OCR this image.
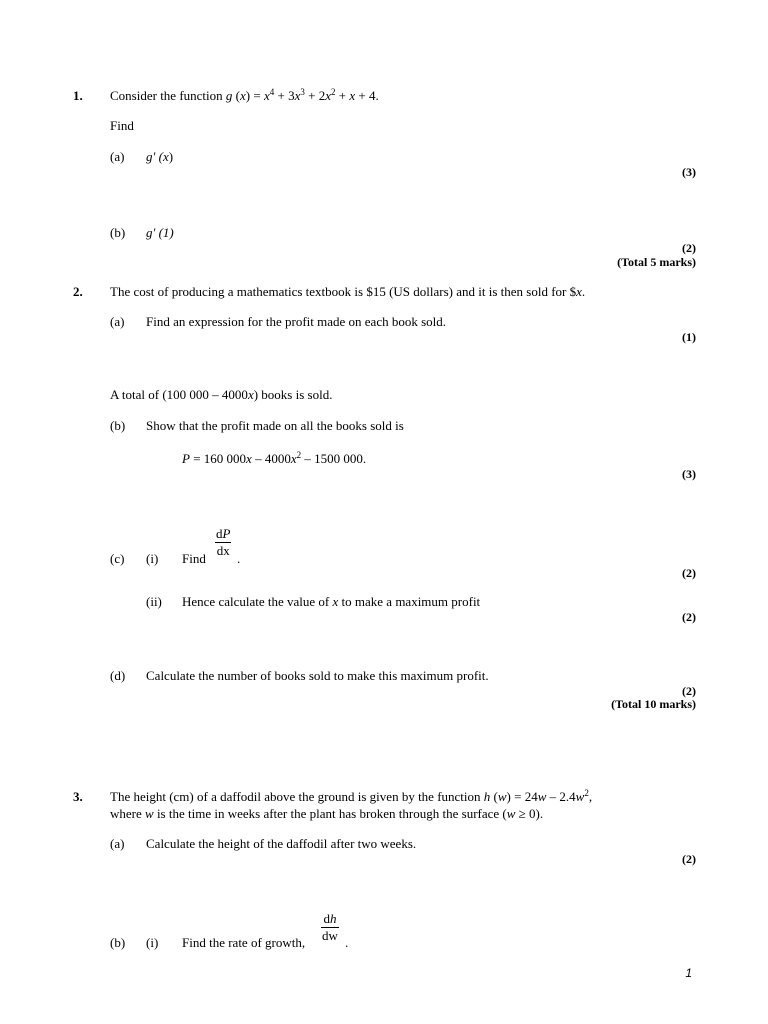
1. Consider the function g $(x) = x^4 + 3x^3 + 2x^2 + x + 4$.
Find
(a) g′ (x)
(3)
(b) g′ (1)
(2)
(Total 5 marks)
2. The cost of producing a mathematics textbook is $15 (US dollars) and it is then sold for $x.
(a) Find an expression for the profit made on each book sold.
(1)
A total of (100 000 – 4000x) books is sold.
(b) Show that the profit made on all the books sold is
P = 160 $000x - 4000x^2 - 1500$ 000.
(3)
(c) (i) Find $\frac{dP}{dx}$ .
(2)
(ii) Hence calculate the value of x to make a maximum profit
(2)
(d) Calculate the number of books sold to make this maximum profit.
(2)
(Total 10 marks)
3. The height (cm) of a daffodil above the ground is given by the function h $(w) = 24w - 2.4w^2$,
where w is the time in weeks after the plant has broken through the surface (w ≥ 0).
(a) Calculate the height of the daffodil after two weeks.
(2)
(b) (i) Find the rate of growth, $\frac{dh}{dw}$ .
1
